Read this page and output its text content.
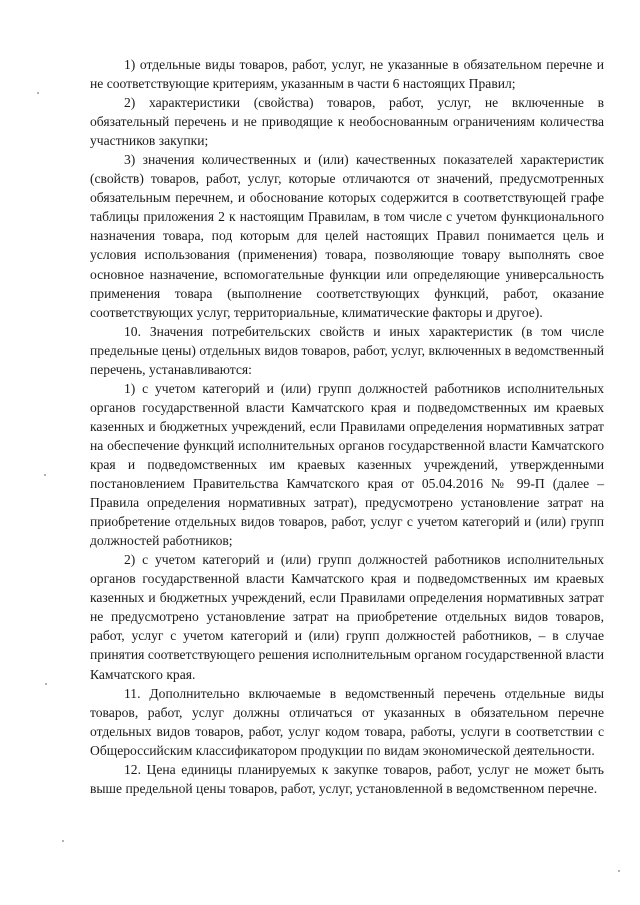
1) отдельные виды товаров, работ, услуг, не указанные в обязательном перечне и не соответствующие критериям, указанным в части 6 настоящих Правил;

2) характеристики (свойства) товаров, работ, услуг, не включенные в обязательный перечень и не приводящие к необоснованным ограничениям количества участников закупки;

3) значения количественных и (или) качественных показателей характеристик (свойств) товаров, работ, услуг, которые отличаются от значений, предусмотренных обязательным перечнем, и обоснование которых содержится в соответствующей графе таблицы приложения 2 к настоящим Правилам, в том числе с учетом функционального назначения товара, под которым для целей настоящих Правил понимается цель и условия использования (применения) товара, позволяющие товару выполнять свое основное назначение, вспомогательные функции или определяющие универсальность применения товара (выполнение соответствующих функций, работ, оказание соответствующих услуг, территориальные, климатические факторы и другое).

10. Значения потребительских свойств и иных характеристик (в том числе предельные цены) отдельных видов товаров, работ, услуг, включенных в ведомственный перечень, устанавливаются:

1) с учетом категорий и (или) групп должностей работников исполнительных органов государственной власти Камчатского края и подведомственных им краевых казенных и бюджетных учреждений, если Правилами определения нормативных затрат на обеспечение функций исполнительных органов государственной власти Камчатского края и подведомственных им краевых казенных учреждений, утвержденными постановлением Правительства Камчатского края от 05.04.2016 № 99-П (далее – Правила определения нормативных затрат), предусмотрено установление затрат на приобретение отдельных видов товаров, работ, услуг с учетом категорий и (или) групп должностей работников;

2) с учетом категорий и (или) групп должностей работников исполнительных органов государственной власти Камчатского края и подведомственных им краевых казенных и бюджетных учреждений, если Правилами определения нормативных затрат не предусмотрено установление затрат на приобретение отдельных видов товаров, работ, услуг с учетом категорий и (или) групп должностей работников, – в случае принятия соответствующего решения исполнительным органом государственной власти Камчатского края.

11. Дополнительно включаемые в ведомственный перечень отдельные виды товаров, работ, услуг должны отличаться от указанных в обязательном перечне отдельных видов товаров, работ, услуг кодом товара, работы, услуги в соответствии с Общероссийским классификатором продукции по видам экономической деятельности.

12. Цена единицы планируемых к закупке товаров, работ, услуг не может быть выше предельной цены товаров, работ, услуг, установленной в ведомственном перечне.
